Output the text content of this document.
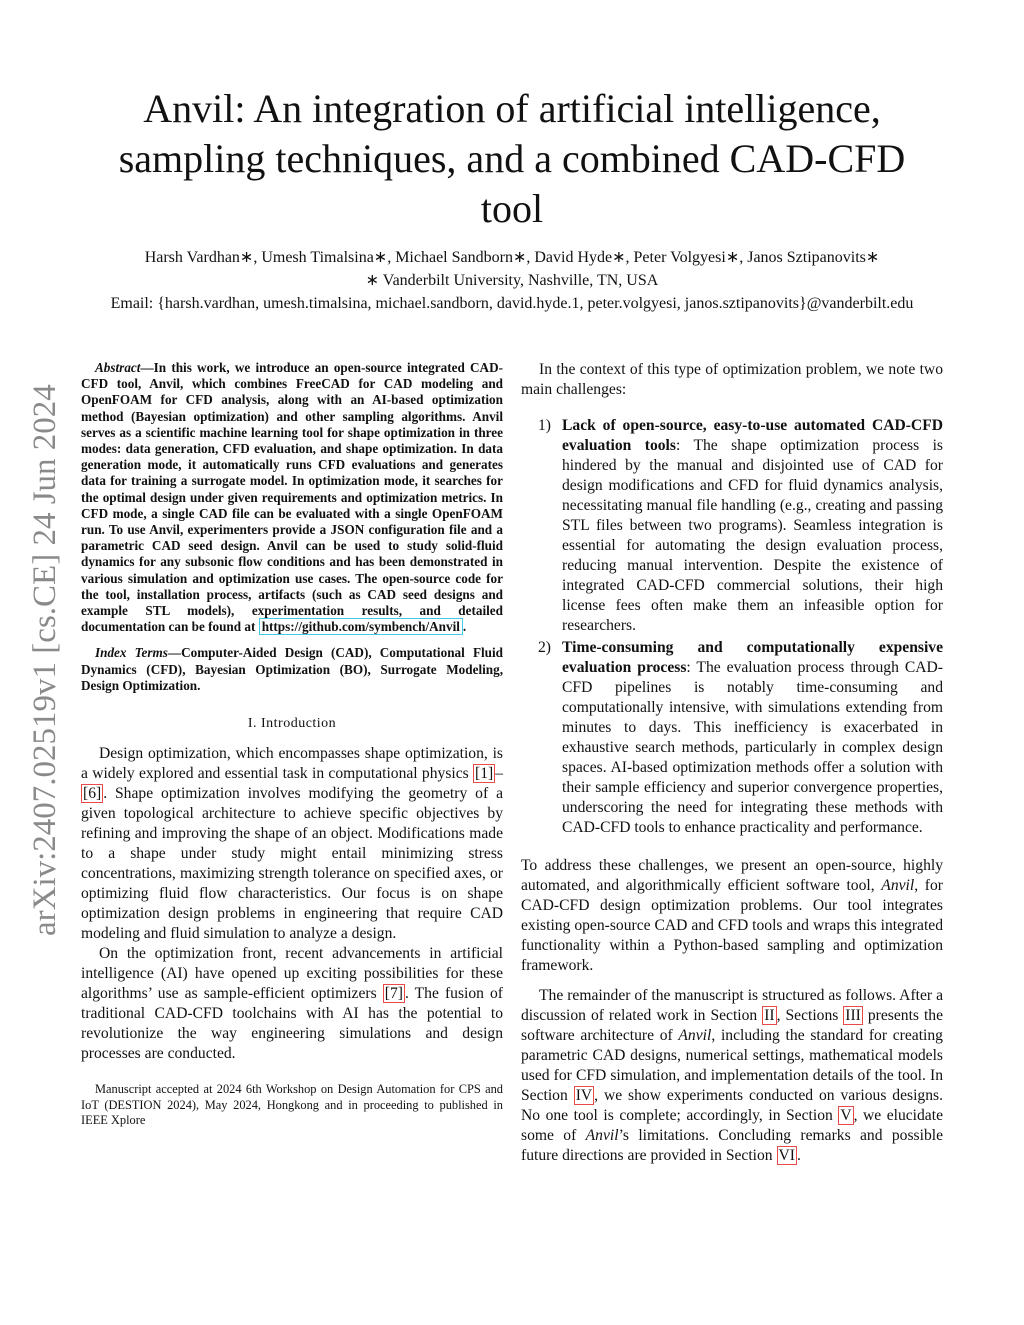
arXiv:2407.02519v1 [cs.CE] 24 Jun 2024
Anvil: An integration of artificial intelligence, sampling techniques, and a combined CAD-CFD tool
Harsh Vardhan∗, Umesh Timalsina∗, Michael Sandborn∗, David Hyde∗, Peter Volgyesi∗, Janos Sztipanovits∗
∗ Vanderbilt University, Nashville, TN, USA
Email: {harsh.vardhan, umesh.timalsina, michael.sandborn, david.hyde.1, peter.volgyesi, janos.sztipanovits}@vanderbilt.edu

Abstract—In this work, we introduce an open-source integrated CAD-CFD tool, Anvil, which combines FreeCAD for CAD modeling and OpenFOAM for CFD analysis, along with an AI-based optimization method (Bayesian optimization) and other sampling algorithms. Anvil serves as a scientific machine learning tool for shape optimization in three modes: data generation, CFD evaluation, and shape optimization. In data generation mode, it automatically runs CFD evaluations and generates data for training a surrogate model. In optimization mode, it searches for the optimal design under given requirements and optimization metrics. In CFD mode, a single CAD file can be evaluated with a single OpenFOAM run. To use Anvil, experimenters provide a JSON configuration file and a parametric CAD seed design. Anvil can be used to study solid-fluid dynamics for any subsonic flow conditions and has been demonstrated in various simulation and optimization use cases. The open-source code for the tool, installation process, artifacts (such as CAD seed designs and example STL models), experimentation results, and detailed documentation can be found at https://github.com/symbench/Anvil .

Index Terms—Computer-Aided Design (CAD), Computational Fluid Dynamics (CFD), Bayesian Optimization (BO), Surrogate Modeling, Design Optimization.

I. Introduction

Design optimization, which encompasses shape optimization, is a widely explored and essential task in computational physics [1] –[6] . Shape optimization involves modifying the geometry of a given topological architecture to achieve specific objectives by refining and improving the shape of an object. Modifications made to a shape under study might entail minimizing stress concentrations, maximizing strength tolerance on specified axes, or optimizing fluid flow characteristics. Our focus is on shape optimization design problems in engineering that require CAD modeling and fluid simulation to analyze a design.

On the optimization front, recent advancements in artificial intelligence (AI) have opened up exciting possibilities for these algorithms’ use as sample-efficient optimizers [7] . The fusion of traditional CAD-CFD toolchains with AI has the potential to revolutionize the way engineering simulations and design processes are conducted.

Manuscript accepted at 2024 6th Workshop on Design Automation for CPS and IoT (DESTION 2024), May 2024, Hongkong and in proceeding to published in IEEE Xplore

In the context of this type of optimization problem, we note two main challenges:

1) Lack of open-source, easy-to-use automated CAD-CFD evaluation tools: The shape optimization process is hindered by the manual and disjointed use of CAD for design modifications and CFD for fluid dynamics analysis, necessitating manual file handling (e.g., creating and passing STL files between two programs). Seamless integration is essential for automating the design evaluation process, reducing manual intervention. Despite the existence of integrated CAD-CFD commercial solutions, their high license fees often make them an infeasible option for researchers.
2) Time-consuming and computationally expensive evaluation process: The evaluation process through CAD-CFD pipelines is notably time-consuming and computationally intensive, with simulations extending from minutes to days. This inefficiency is exacerbated in exhaustive search methods, particularly in complex design spaces. AI-based optimization methods offer a solution with their sample efficiency and superior convergence properties, underscoring the need for integrating these methods with CAD-CFD tools to enhance practicality and performance.

To address these challenges, we present an open-source, highly automated, and algorithmically efficient software tool, Anvil, for CAD-CFD design optimization problems. Our tool integrates existing open-source CAD and CFD tools and wraps this integrated functionality within a Python-based sampling and optimization framework.

The remainder of the manuscript is structured as follows. After a discussion of related work in Section II , Sections III presents the software architecture of Anvil, including the standard for creating parametric CAD designs, numerical settings, mathematical models used for CFD simulation, and implementation details of the tool. In Section IV , we show experiments conducted on various designs. No one tool is complete; accordingly, in Section V , we elucidate some of Anvil’s limitations. Concluding remarks and possible future directions are provided in Section VI .
